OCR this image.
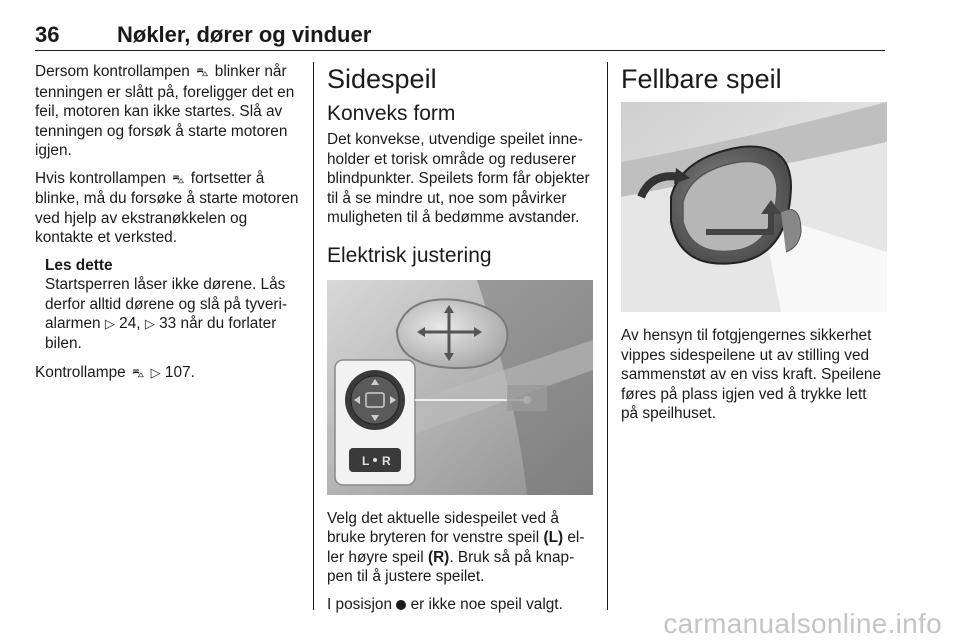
36	Nøkler, dører og vinduer

Dersom kontrollampen ⛍ blinker når tenningen er slått på, foreligger det en feil, motoren kan ikke startes. Slå av tenningen og forsøk å starte motoren igjen.

Hvis kontrollampen ⛍ fortsetter å blinke, må du forsøke å starte motoren ved hjelp av ekstranøkkelen og kontakte et verksted.

Les dette
Startsperren låser ikke dørene. Lås derfor alltid dørene og slå på tyverialarmen ▷ 24, ▷ 33 når du forlater bilen.

Kontrollampe ⛍ ▷ 107.

Sidespeil
Konveks form

Det konvekse, utvendige speilet inneholder et torisk område og reduserer blindpunkter. Speilets form får objekter til å se mindre ut, noe som påvirker muligheten til å bedømme avstander.

Elektrisk justering
L R

Velg det aktuelle sidespeilet ved å bruke bryteren for venstre speil (L) eller høyre speil (R). Bruk så på knappen til å justere speilet.

I posisjon  er ikke noe speil valgt.

Fellbare speil

Av hensyn til fotgjengernes sikkerhet vippes sidespeilene ut av stilling ved sammenstøt av en viss kraft. Speilene føres på plass igjen ved å trykke lett på speilhuset.

carmanualsonline.info
